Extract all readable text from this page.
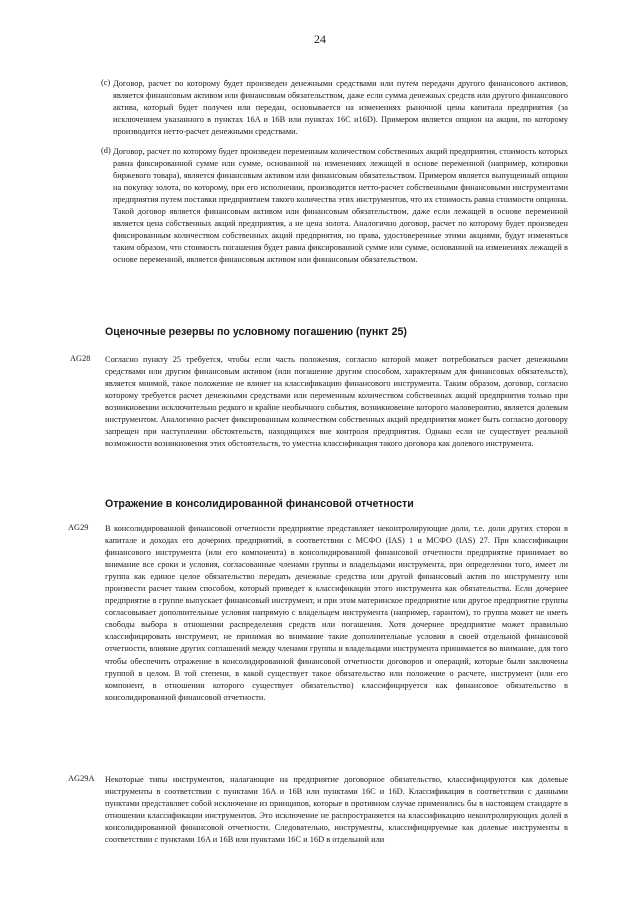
24
(c) Договор, расчет по которому будет произведен денежными средствами или путем передачи другого финансового активов, является финансовым активом или финансовым обязательством, даже если сумма денежных средств или другого финансового актива, который будет получен или передан, основывается на изменениях рыночной цены капитала предприятия (за исключением указанного в пунктах 16A и 16B или пунктах 16C и16D). Примером является опцион на акции, по которому производится нетто-расчет денежными средствами.

(d) Договор, расчет по которому будет произведен переменным количеством собственных акций предприятия, стоимость которых равна фиксированной сумме или сумме, основанной на изменениях лежащей в основе переменной (например, котировки биржевого товара), является финансовым активом или финансовым обязательством. Примером является выпущенный опцион на покупку золота, по которому, при его исполнении, производится нетто-расчет собственными финансовыми инструментами предприятия путем поставки предприятием такого количества этих инструментов, что их стоимость равна стоимости опциона. Такой договор является финансовым активом или финансовым обязательством, даже если лежащей в основе переменной является цена собственных акций предприятия, а не цена золота. Аналогично договор, расчет по которому будет произведен фиксированным количеством собственных акций предприятия, но права, удостоверенные этими акциями, будут изменяться таким образом, что стоимость погашения будет равна фиксированной сумме или сумме, основанной на изменениях лежащей в основе переменной, является финансовым активом или финансовым обязательством.

Оценочные резервы по условному погашению (пункт 25)
AG28 Согласно пункту 25 требуется, чтобы если часть положения, согласно которой может потребоваться расчет денежными средствами или другим финансовым активом (или погашение другим способом, характерным для финансовых обязательств), является мнимой, такое положение не влияет на классификацию финансового инструмента. Таким образом, договор, согласно которому требуется расчет денежными средствами или переменным количеством собственных акций предприятия только при возникновении исключительно редкого и крайне необычного события, возникновение которого маловероятно, является долевым инструментом. Аналогично расчет фиксированным количеством собственных акций предприятия может быть согласно договору запрещен при наступлении обстоятельств, находящихся вне контроля предприятия. Однако если не существует реальной возможности возникновения этих обстоятельств, то уместна классификация такого договора как долевого инструмента.

Отражение в консолидированной финансовой отчетности
AG29 В консолидированной финансовой отчетности предприятие представляет неконтролирующие доли, т.е. доли других сторон в капитале и доходах его дочерних предприятий, в соответствии с МСФО (IAS) 1 и МСФО (IAS) 27. При классификации финансового инструмента (или его компонента) в консолидированной финансовой отчетности предприятие принимает во внимание все сроки и условия, согласованные членами группы и владельцами инструмента, при определении того, имеет ли группа как единое целое обязательство передать денежные средства или другой финансовый актив по инструменту или произвести расчет таким способом, который приведет к классификации этого инструмента как обязательства. Если дочернее предприятие в группе выпускает финансовый инструмент, и при этом материнское предприятие или другое предприятие группы согласовывает дополнительные условия напрямую с владельцем инструмента (например, гарантом), то группа может не иметь свободы выбора в отношении распределения средств или погашения. Хотя дочернее предприятие может правильно классифицировать инструмент, не принимая во внимание такие дополнительные условия в своей отдельной финансовой отчетности, влияние других соглашений между членами группы и владельцами инструмента принимается во внимание, для того чтобы обеспечить отражение в консолидированной финансовой отчетности договоров и операций, которые были заключены группой в целом. В той степени, в какой существует такое обязательство или положение о расчете, инструмент (или его компонент, в отношении которого существует обязательство) классифицируется как финансовое обязательство в консолидированной финансовой отчетности.

AG29A Некоторые типы инструментов, налагающие на предприятие договорное обязательство, классифицируются как долевые инструменты в соответствии с пунктами 16A и 16B или пунктами 16C и 16D. Классификация в соответствии с данными пунктами представляет собой исключение из принципов, которые в противном случае применялись бы в настоящем стандарте в отношении классификации инструментов. Это исключение не распространяется на классификацию неконтролирующих долей в консолидированной финансовой отчетности. Следовательно, инструменты, классифицируемые как долевые инструменты в соответствии с пунктами 16A и 16B или пунктами 16C и 16D в отдельной или
